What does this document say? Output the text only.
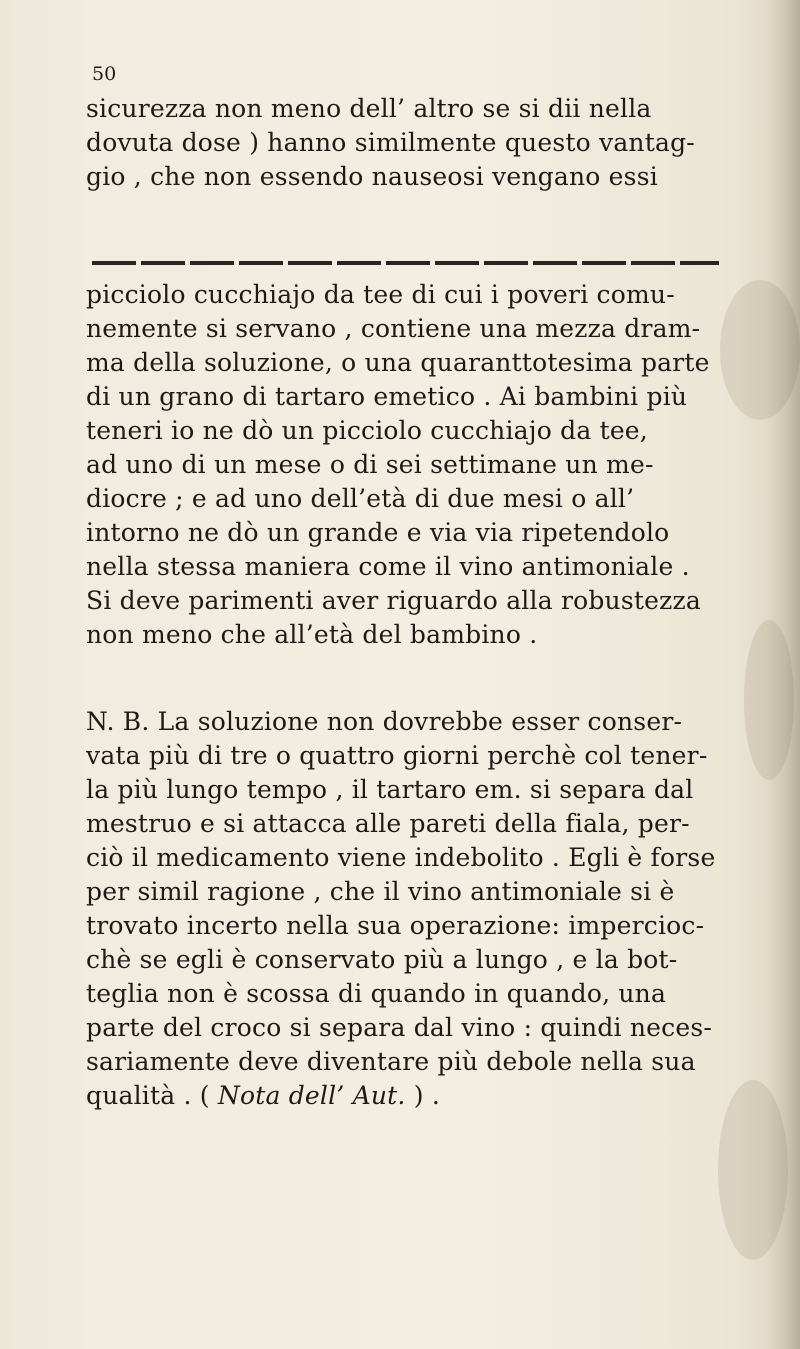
50
sicurezza non meno dell’ altro se si dii nella
dovuta dose ) hanno similmente questo vantag-
gio , che non essendo nauseosi vengano essi
picciolo cucchiajo da tee di cui i poveri comu-
nemente si servano , contiene una mezza dram-
ma della soluzione, o una quaranttotesima parte
di un grano di tartaro emetico . Ai bambini più
teneri io ne dò un picciolo cucchiajo da tee,
ad uno di un mese o di sei settimane un me-
diocre ; e ad uno dell’età di due mesi o all’
intorno ne dò un grande e via via ripetendolo
nella stessa maniera come il vino antimoniale .
Si deve parimenti aver riguardo alla robustezza
non meno che all’età del bambino .
N. B. La soluzione non dovrebbe esser conser-
vata più di tre o quattro giorni perchè col tener-
la più lungo tempo , il tartaro em. si separa dal
mestruo e si attacca alle pareti della fiala, per-
ciò il medicamento viene indebolito . Egli è forse
per simil ragione , che il vino antimoniale si è
trovato incerto nella sua operazione: impercioc-
chè se egli è conservato più a lungo , e la bot-
teglia non è scossa di quando in quando, una
parte del croco si separa dal vino : quindi neces-
sariamente deve diventare più debole nella sua
qualità . ( Nota dell’ Aut. ) .
